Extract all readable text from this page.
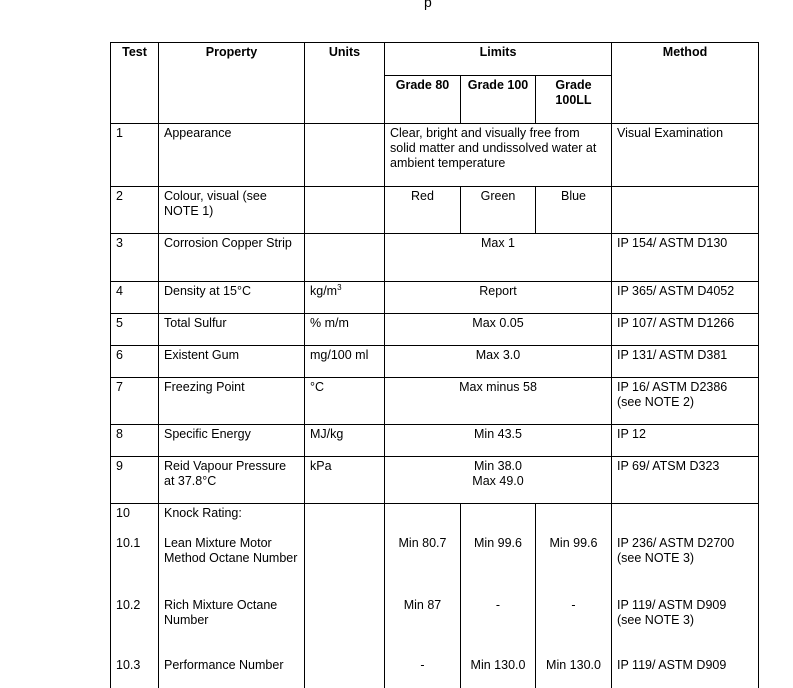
p
Test	Property	Units	Limits			Method
			Grade 80	Grade 100	Grade 100LL	
1	Appearance		Clear, bright and visually free from solid matter and undissolved water at ambient temperature			Visual Examination
2	Colour, visual (see NOTE 1)		Red	Green	Blue	
3	Corrosion Copper Strip		Max 1			IP 154/ ASTM D130
4	Density at 15°C	$kg/m^3$	Report			IP 365/ ASTM D4052
5	Total Sulfur	% m/m	Max 0.05			IP 107/ ASTM D1266
6	Existent Gum	mg/100 ml	Max 3.0			IP 131/ ASTM D381
7	Freezing Point	°C	Max minus 58			IP 16/ ASTM D2386
(see NOTE 2)

8	Specific Energy	MJ/kg	Min 43.5			IP 12
9	Reid Vapour Pressure at 37.8°C	kPa	Min 38.0
Max 49.0			IP 69/ ATSM D323
10	Knock Rating:					
10.1	Lean Mixture Motor Method Octane Number		Min 80.7	Min 99.6	Min 99.6	IP 236/ ASTM D2700
(see NOTE 3)

10.2	Rich Mixture Octane Number		Min 87	-	-	IP 119/ ASTM D909
(see NOTE 3)

10.3	Performance Number		-	Min 130.0	Min 130.0	IP 119/ ASTM D909
